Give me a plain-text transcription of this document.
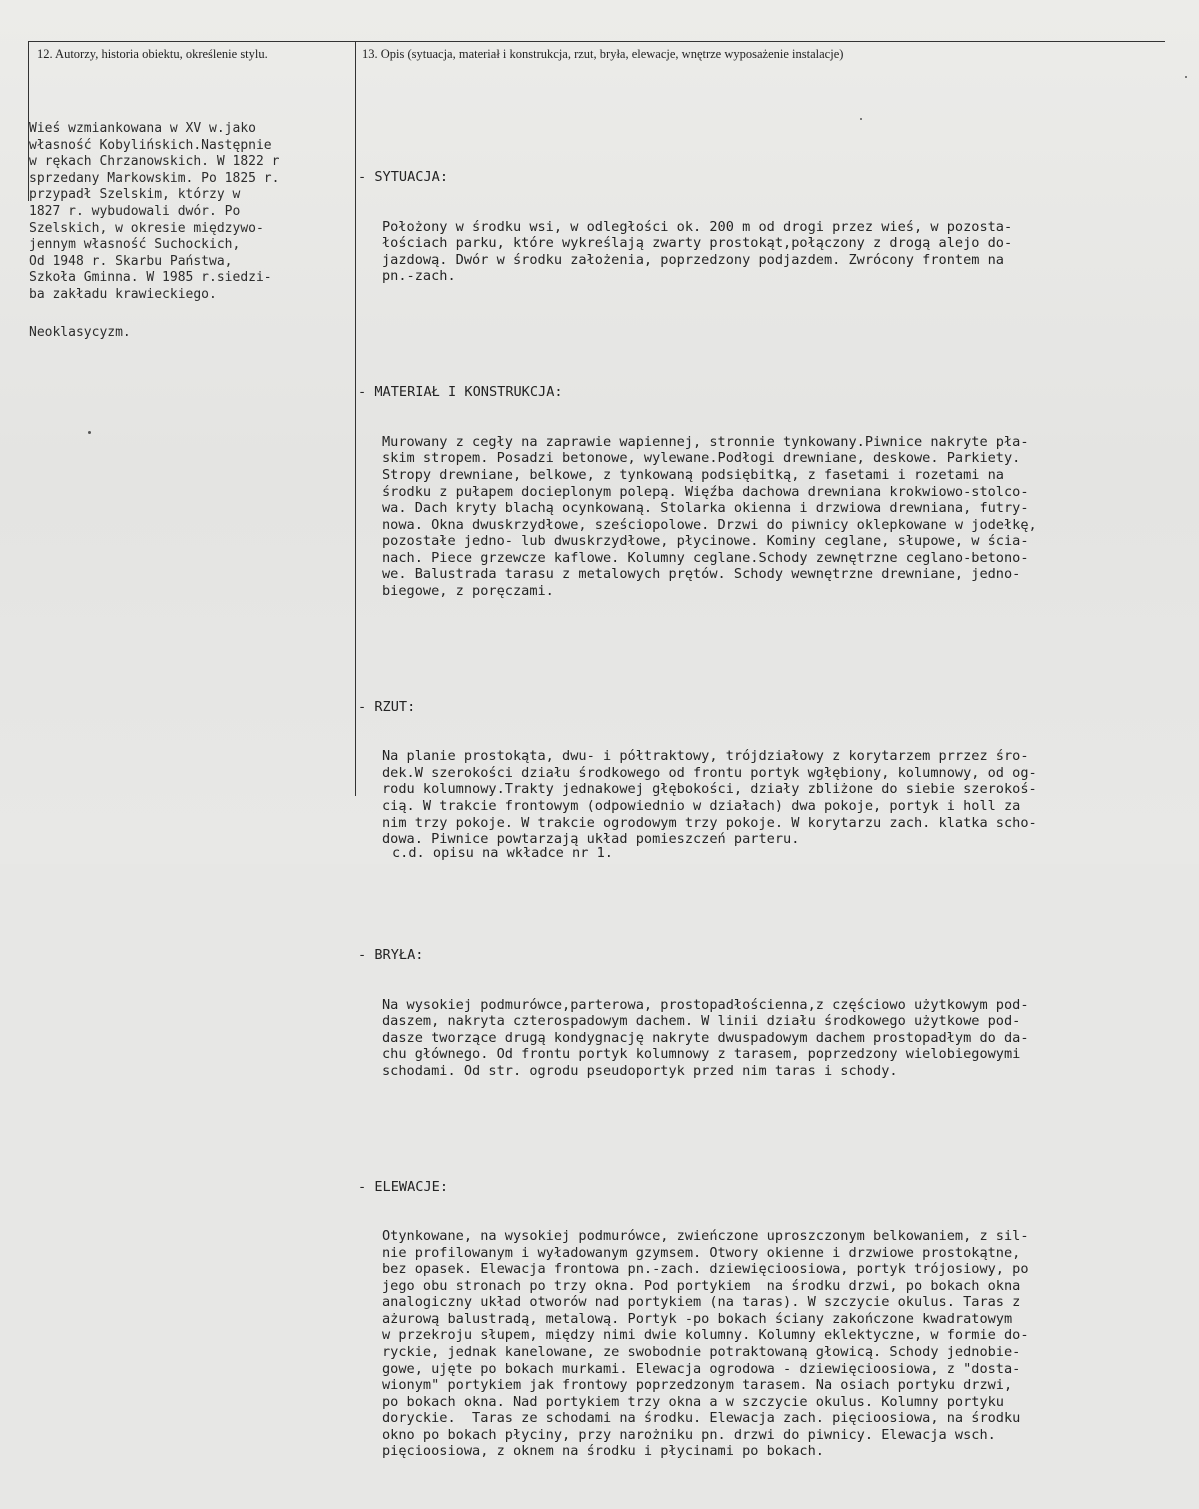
12. Autorzy, historia obiektu, określenie stylu.	13. Opis (sytuacja, materiał i konstrukcja, rzut, bryła, elewacje, wnętrze wyposażenie instalacje)
Wieś wzmiankowana w XV w.jako
własność Kobylińskich.Następnie
w rękach Chrzanowskich. W 1822 r
sprzedany Markowskim. Po 1825 r.
przypadł Szelskim, którzy w
1827 r. wybudowali dwór. Po
Szelskich, w okresie międzywo-
jennym własność Suchockich,
Od 1948 r. Skarbu Państwa,
Szkoła Gminna. W 1985 r.siedzi-
ba zakładu krawieckiego.
Neoklasycyzm.

- SYTUACJA:

Położony w środku wsi, w odległości ok. 200 m od drogi przez wieś, w pozosta-
łościach parku, które wykreślają zwarty prostokąt,połączony z drogą alejo do-
jazdową. Dwór w środku założenia, poprzedzony podjazdem. Zwrócony frontem na
pn.-zach.

- MATERIAŁ I KONSTRUKCJA:

Murowany z cegły na zaprawie wapiennej, stronnie tynkowany.Piwnice nakryte pła-
skim stropem. Posadzi betonowe, wylewane.Podłogi drewniane, deskowe. Parkiety.
Stropy drewniane, belkowe, z tynkowaną podsiębitką, z fasetami i rozetami na
środku z pułapem docieplonym polepą. Więźba dachowa drewniana krokwiowo-stolco-
wa. Dach kryty blachą ocynkowaną. Stolarka okienna i drzwiowa drewniana, futry-
nowa. Okna dwuskrzydłowe, sześciopolowe. Drzwi do piwnicy oklepkowane w jodełkę,
pozostałe jedno- lub dwuskrzydłowe, płycinowe. Kominy ceglane, słupowe, w ścia-
nach. Piece grzewcze kaflowe. Kolumny ceglane.Schody zewnętrzne ceglano-betono-
we. Balustrada tarasu z metalowych prętów. Schody wewnętrzne drewniane, jedno-
biegowe, z poręczami.

- RZUT:

Na planie prostokąta, dwu- i półtraktowy, trójdziałowy z korytarzem prrzez śro-
dek.W szerokości działu środkowego od frontu portyk wgłębiony, kolumnowy, od og-
rodu kolumnowy.Trakty jednakowej głębokości, działy zbliżone do siebie szerokoś-
cią. W trakcie frontowym (odpowiednio w działach) dwa pokoje, portyk i holl za
nim trzy pokoje. W trakcie ogrodowym trzy pokoje. W korytarzu zach. klatka scho-
dowa. Piwnice powtarzają układ pomieszczeń parteru.

- BRYŁA:

Na wysokiej podmurówce,parterowa, prostopadłościenna,z częściowo użytkowym pod-
daszem, nakryta czterospadowym dachem. W linii działu środkowego użytkowe pod-
dasze tworzące drugą kondygnację nakryte dwuspadowym dachem prostopadłym do da-
chu głównego. Od frontu portyk kolumnowy z tarasem, poprzedzony wielobiegowymi
schodami. Od str. ogrodu pseudoportyk przed nim taras i schody.

- ELEWACJE:

Otynkowane, na wysokiej podmurówce, zwieńczone uproszczonym belkowaniem, z sil-
nie profilowanym i wyładowanym gzymsem. Otwory okienne i drzwiowe prostokątne,
bez opasek. Elewacja frontowa pn.-zach. dziewięcioosiowa, portyk trójosiowy, po
jego obu stronach po trzy okna. Pod portykiem  na środku drzwi, po bokach okna
analogiczny układ otworów nad portykiem (na taras). W szczycie okulus. Taras z
ażurową balustradą, metalową. Portyk -po bokach ściany zakończone kwadratowym
w przekroju słupem, między nimi dwie kolumny. Kolumny eklektyczne, w formie do-
ryckie, jednak kanelowane, ze swobodnie potraktowaną głowicą. Schody jednobie-
gowe, ujęte po bokach murkami. Elewacja ogrodowa - dziewięcioosiowa, z "dosta-
wionym" portykiem jak frontowy poprzedzonym tarasem. Na osiach portyku drzwi,
po bokach okna. Nad portykiem trzy okna a w szczycie okulus. Kolumny portyku
doryckie.  Taras ze schodami na środku. Elewacja zach. pięcioosiowa, na środku
okno po bokach płyciny, przy narożniku pn. drzwi do piwnicy. Elewacja wsch.
pięcioosiowa, z oknem na środku i płycinami po bokach.

c.d. opisu na wkładce nr 1.
